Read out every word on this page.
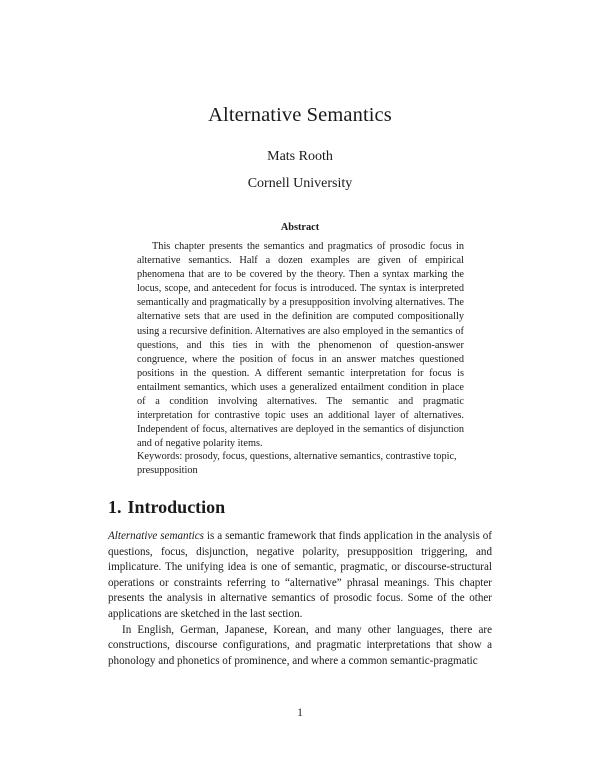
Alternative Semantics
Mats Rooth
Cornell University
Abstract

This chapter presents the semantics and pragmatics of prosodic focus in alternative semantics. Half a dozen examples are given of empirical phenomena that are to be covered by the theory. Then a syntax marking the locus, scope, and antecedent for focus is introduced. The syntax is interpreted semantically and pragmatically by a presupposition involving alternatives. The alternative sets that are used in the definition are computed compositionally using a recursive definition. Alternatives are also employed in the semantics of questions, and this ties in with the phenomenon of question-answer congruence, where the position of focus in an answer matches questioned positions in the question. A different semantic interpretation for focus is entailment semantics, which uses a generalized entailment condition in place of a condition involving alternatives. The semantic and pragmatic interpretation for contrastive topic uses an additional layer of alternatives. Independent of focus, alternatives are deployed in the semantics of disjunction and of negative polarity items.

Keywords: prosody, focus, questions, alternative semantics, contrastive topic, presupposition

1. Introduction

Alternative semantics is a semantic framework that finds application in the analysis of questions, focus, disjunction, negative polarity, presupposition triggering, and implicature. The unifying idea is one of semantic, pragmatic, or discourse-structural operations or constraints referring to “alternative” phrasal meanings. This chapter presents the analysis in alternative semantics of prosodic focus. Some of the other applications are sketched in the last section.

In English, German, Japanese, Korean, and many other languages, there are constructions, discourse configurations, and pragmatic interpretations that show a phonology and phonetics of prominence, and where a common semantic-pragmatic

1
